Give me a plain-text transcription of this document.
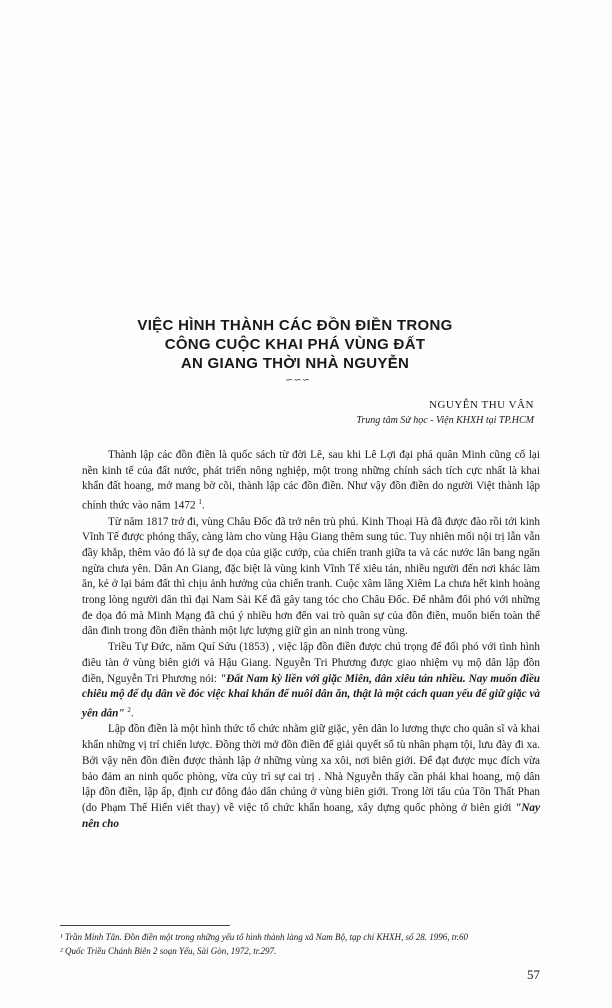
VIỆC HÌNH THÀNH CÁC ĐỒN ĐIỀN TRONG
CÔNG CUỘC KHAI PHÁ VÙNG ĐẤT
AN GIANG THỜI NHÀ NGUYỄN
∽∽∽
NGUYỄN THU VÂN
Trung tâm Sử học - Viện KHXH tại TP.HCM

Thành lập các đồn điền là quốc sách từ đời Lê, sau khi Lê Lợi đại phá quân Minh cũng cố lại nền kinh tế của đất nước, phát triển nông nghiệp, một trong những chính sách tích cực nhất là khai khẩn đất hoang, mở mang bờ cõi, thành lập các đồn điền. Như vậy đồn điền do người Việt thành lập chính thức vào năm 1472 $^1$.

Từ năm 1817 trở đi, vùng Châu Đốc đã trở nên trù phú. Kinh Thoại Hà đã được đào rồi tới kinh Vĩnh Tế được phóng thẩy, càng làm cho vùng Hậu Giang thêm sung túc. Tuy nhiên mối nội trị lẫn vẫn đầy khắp, thêm vào đó là sự đe dọa của giặc cướp, của chiến tranh giữa ta và các nước lân bang ngăn ngừa chưa yên. Dân An Giang, đặc biệt là vùng kinh Vĩnh Tế xiêu tán, nhiều người đến nơi khác làm ăn, kẻ ở lại bám đất thì chịu ảnh hưởng của chiến tranh. Cuộc xâm lăng Xiêm La chưa hết kinh hoàng trong lòng người dân thì đại Nam Sài Kế đã gây tang tóc cho Châu Đốc. Để nhằm đối phó với những đe dọa đó mà Minh Mạng đã chú ý nhiều hơn đến vai trò quân sự của đồn điền, muốn biến toàn thể dân đinh trong đồn điền thành một lực lượng giữ gìn an ninh trong vùng.

Triều Tự Đức, năm Quí Sửu (1853) , việc lập đồn điền được chú trọng để đối phó với tình hình điêu tàn ở vùng biên giới và Hậu Giang. Nguyễn Tri Phương được giao nhiệm vụ mộ dân lập đồn điền, Nguyễn Tri Phương nói: "Đất Nam kỳ liền với giặc Miên, dân xiêu tán nhiều. Nay muốn điều chiêu mộ để dụ dân về đóc việc khai khẩn để nuôi dân ăn, thật là một cách quan yếu để giữ giặc và yên dân" $^2$.

Lập đồn điền là một hình thức tổ chức nhằm giữ giặc, yên dân lo lương thực cho quân sĩ và khai khẩn những vị trí chiến lược. Đồng thời mở đồn điền để giải quyết số tù nhân phạm tội, lưu đày đi xa. Bởi vậy nên đồn điền được thành lập ở những vùng xa xôi, nơi biên giới. Để đạt được mục đích vừa bảo đảm an ninh quốc phòng, vừa củy trì sự cai trị . Nhà Nguyễn thấy cần phải khai hoang, mộ dân lập đồn điền, lập ấp, định cư đông đảo dân chúng ở vùng biên giới. Trong lời tấu của Tôn Thất Phan (do Phạm Thế Hiển viết thay) về việc tổ chức khẩn hoang, xây dựng quốc phòng ở biên giới "Nay nên cho

¹ Trần Minh Tân. Đồn điền một trong những yếu tố hình thành làng xã Nam Bộ, tạp chí KHXH, số 28. 1996, tr.60

² Quốc Triều Chánh Biên 2 soạn Yếu, Sài Gòn, 1972, tr.297.

57
